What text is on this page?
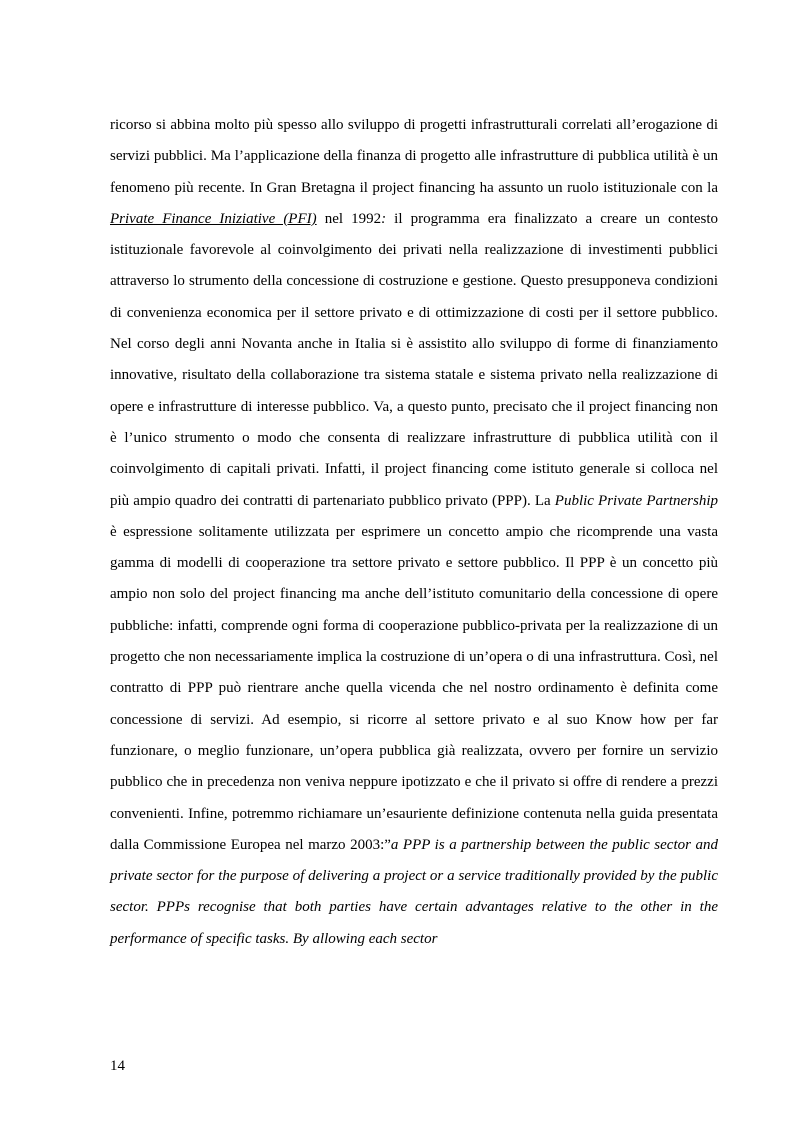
ricorso si abbina molto più spesso allo sviluppo di progetti infrastrutturali correlati all’erogazione di servizi pubblici. Ma l’applicazione della finanza di progetto alle infrastrutture di pubblica utilità è un fenomeno più recente. In Gran Bretagna il project financing ha assunto un ruolo istituzionale con la Private Finance Iniziative (PFI) nel 1992: il programma era finalizzato a creare un contesto istituzionale favorevole al coinvolgimento dei privati nella realizzazione di investimenti pubblici attraverso lo strumento della concessione di costruzione e gestione. Questo presupponeva condizioni di convenienza economica per il settore privato e di ottimizzazione di costi per il settore pubblico. Nel corso degli anni Novanta anche in Italia si è assistito allo sviluppo di forme di finanziamento innovative, risultato della collaborazione tra sistema statale e sistema privato nella realizzazione di opere e infrastrutture di interesse pubblico. Va, a questo punto, precisato che il project financing non è l’unico strumento o modo che consenta di realizzare infrastrutture di pubblica utilità con il coinvolgimento di capitali privati. Infatti, il project financing come istituto generale si colloca nel più ampio quadro dei contratti di partenariato pubblico privato (PPP). La Public Private Partnership è espressione solitamente utilizzata per esprimere un concetto ampio che ricomprende una vasta gamma di modelli di cooperazione tra settore privato e settore pubblico. Il PPP è un concetto più ampio non solo del project financing ma anche dell’istituto comunitario della concessione di opere pubbliche: infatti, comprende ogni forma di cooperazione pubblico-privata per la realizzazione di un progetto che non necessariamente implica la costruzione di un’opera o di una infrastruttura. Così, nel contratto di PPP può rientrare anche quella vicenda che nel nostro ordinamento è definita come concessione di servizi. Ad esempio, si ricorre al settore privato e al suo Know how per far funzionare, o meglio funzionare, un’opera pubblica già realizzata, ovvero per fornire un servizio pubblico che in precedenza non veniva neppure ipotizzato e che il privato si offre di rendere a prezzi convenienti. Infine, potremmo richiamare un’esauriente definizione contenuta nella guida presentata dalla Commissione Europea nel marzo 2003:”a PPP is a partnership between the public sector and private sector for the purpose of delivering a project or a service traditionally provided by the public sector. PPPs recognise that both parties have certain advantages relative to the other in the performance of specific tasks. By allowing each sector

14
